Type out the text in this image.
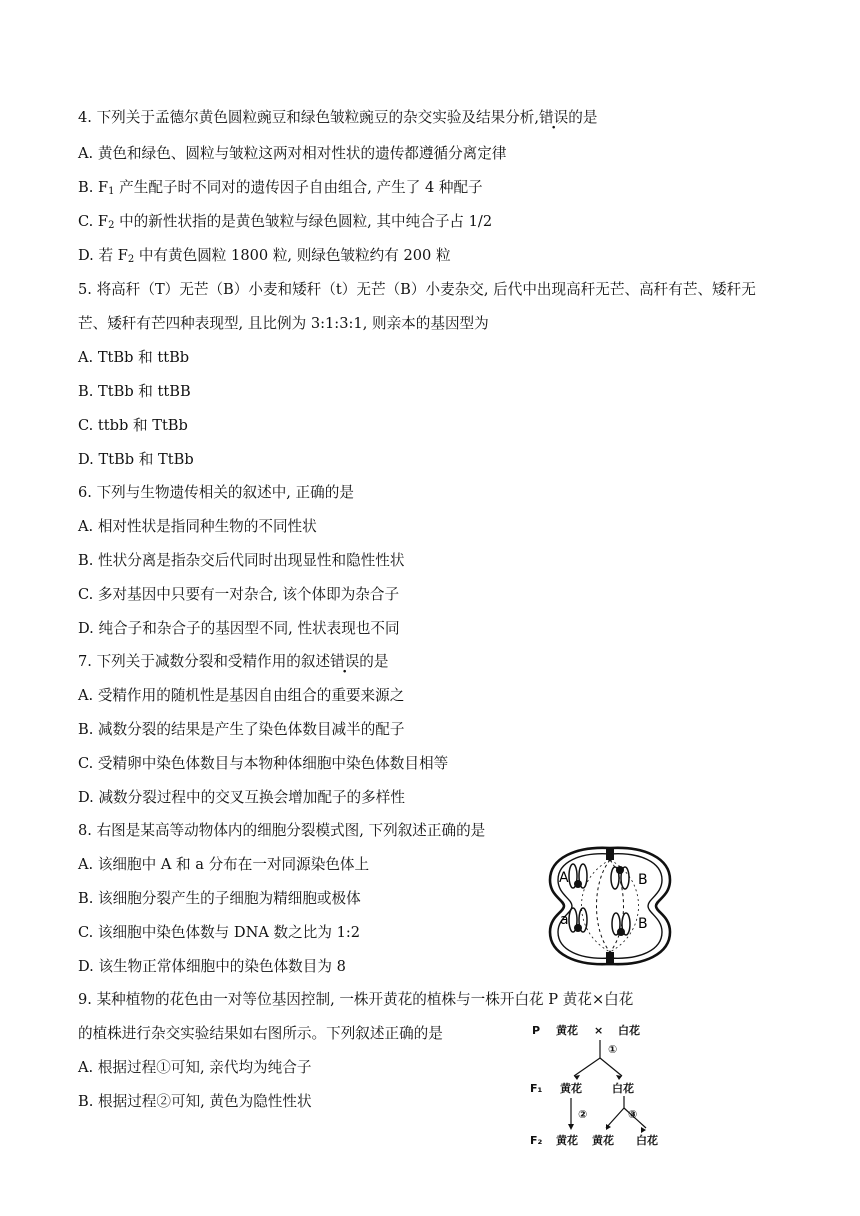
4. 下列关于孟德尔黄色圆粒豌豆和绿色皱粒豌豆的杂交实验及结果分析,错误的是
A. 黄色和绿色、圆粒与皱粒这两对相对性状的遗传都遵循分离定律
B. $F_1$ 产生配子时不同对的遗传因子自由组合, 产生了 4 种配子
C. $F_2$ 中的新性状指的是黄色皱粒与绿色圆粒, 其中纯合子占 1/2
D. 若 $F_2$ 中有黄色圆粒 1800 粒, 则绿色皱粒约有 200 粒
5. 将高秆（T）无芒（B）小麦和矮秆（t）无芒（B）小麦杂交, 后代中出现高秆无芒、高秆有芒、矮秆无
芒、矮秆有芒四种表现型, 且比例为 3:1:3:1, 则亲本的基因型为
A. TtBb 和 ttBb
B. TtBb 和 ttBB
C. ttbb 和 TtBb
D. TtBb 和 TtBb
6. 下列与生物遗传相关的叙述中, 正确的是
A. 相对性状是指同种生物的不同性状
B. 性状分离是指杂交后代同时出现显性和隐性性状
C. 多对基因中只要有一对杂合, 该个体即为杂合子
D. 纯合子和杂合子的基因型不同, 性状表现也不同
7. 下列关于减数分裂和受精作用的叙述错误的是
A. 受精作用的随机性是基因自由组合的重要来源之
B. 减数分裂的结果是产生了染色体数目减半的配子
C. 受精卵中染色体数目与本物种体细胞中染色体数目相等
D. 减数分裂过程中的交叉互换会增加配子的多样性
8. 右图是某高等动物体内的细胞分裂模式图, 下列叙述正确的是
A. 该细胞中 A 和 a 分布在一对同源染色体上
B. 该细胞分裂产生的子细胞为精细胞或极体
C. 该细胞中染色体数与 DNA 数之比为 1:2
D. 该生物正常体细胞中的染色体数目为 8
A	B
a	B
9. 某种植物的花色由一对等位基因控制, 一株开黄花的植株与一株开白花 P 黄花×白花
的植株进行杂交实验结果如右图所示。下列叙述正确的是
A. 根据过程①可知, 亲代均为纯合子
B. 根据过程②可知, 黄色为隐性性状
P 黄花 × 白花
①
F₁ 黄花	白花
②	③
F₂ 黄花 黄花 白花
